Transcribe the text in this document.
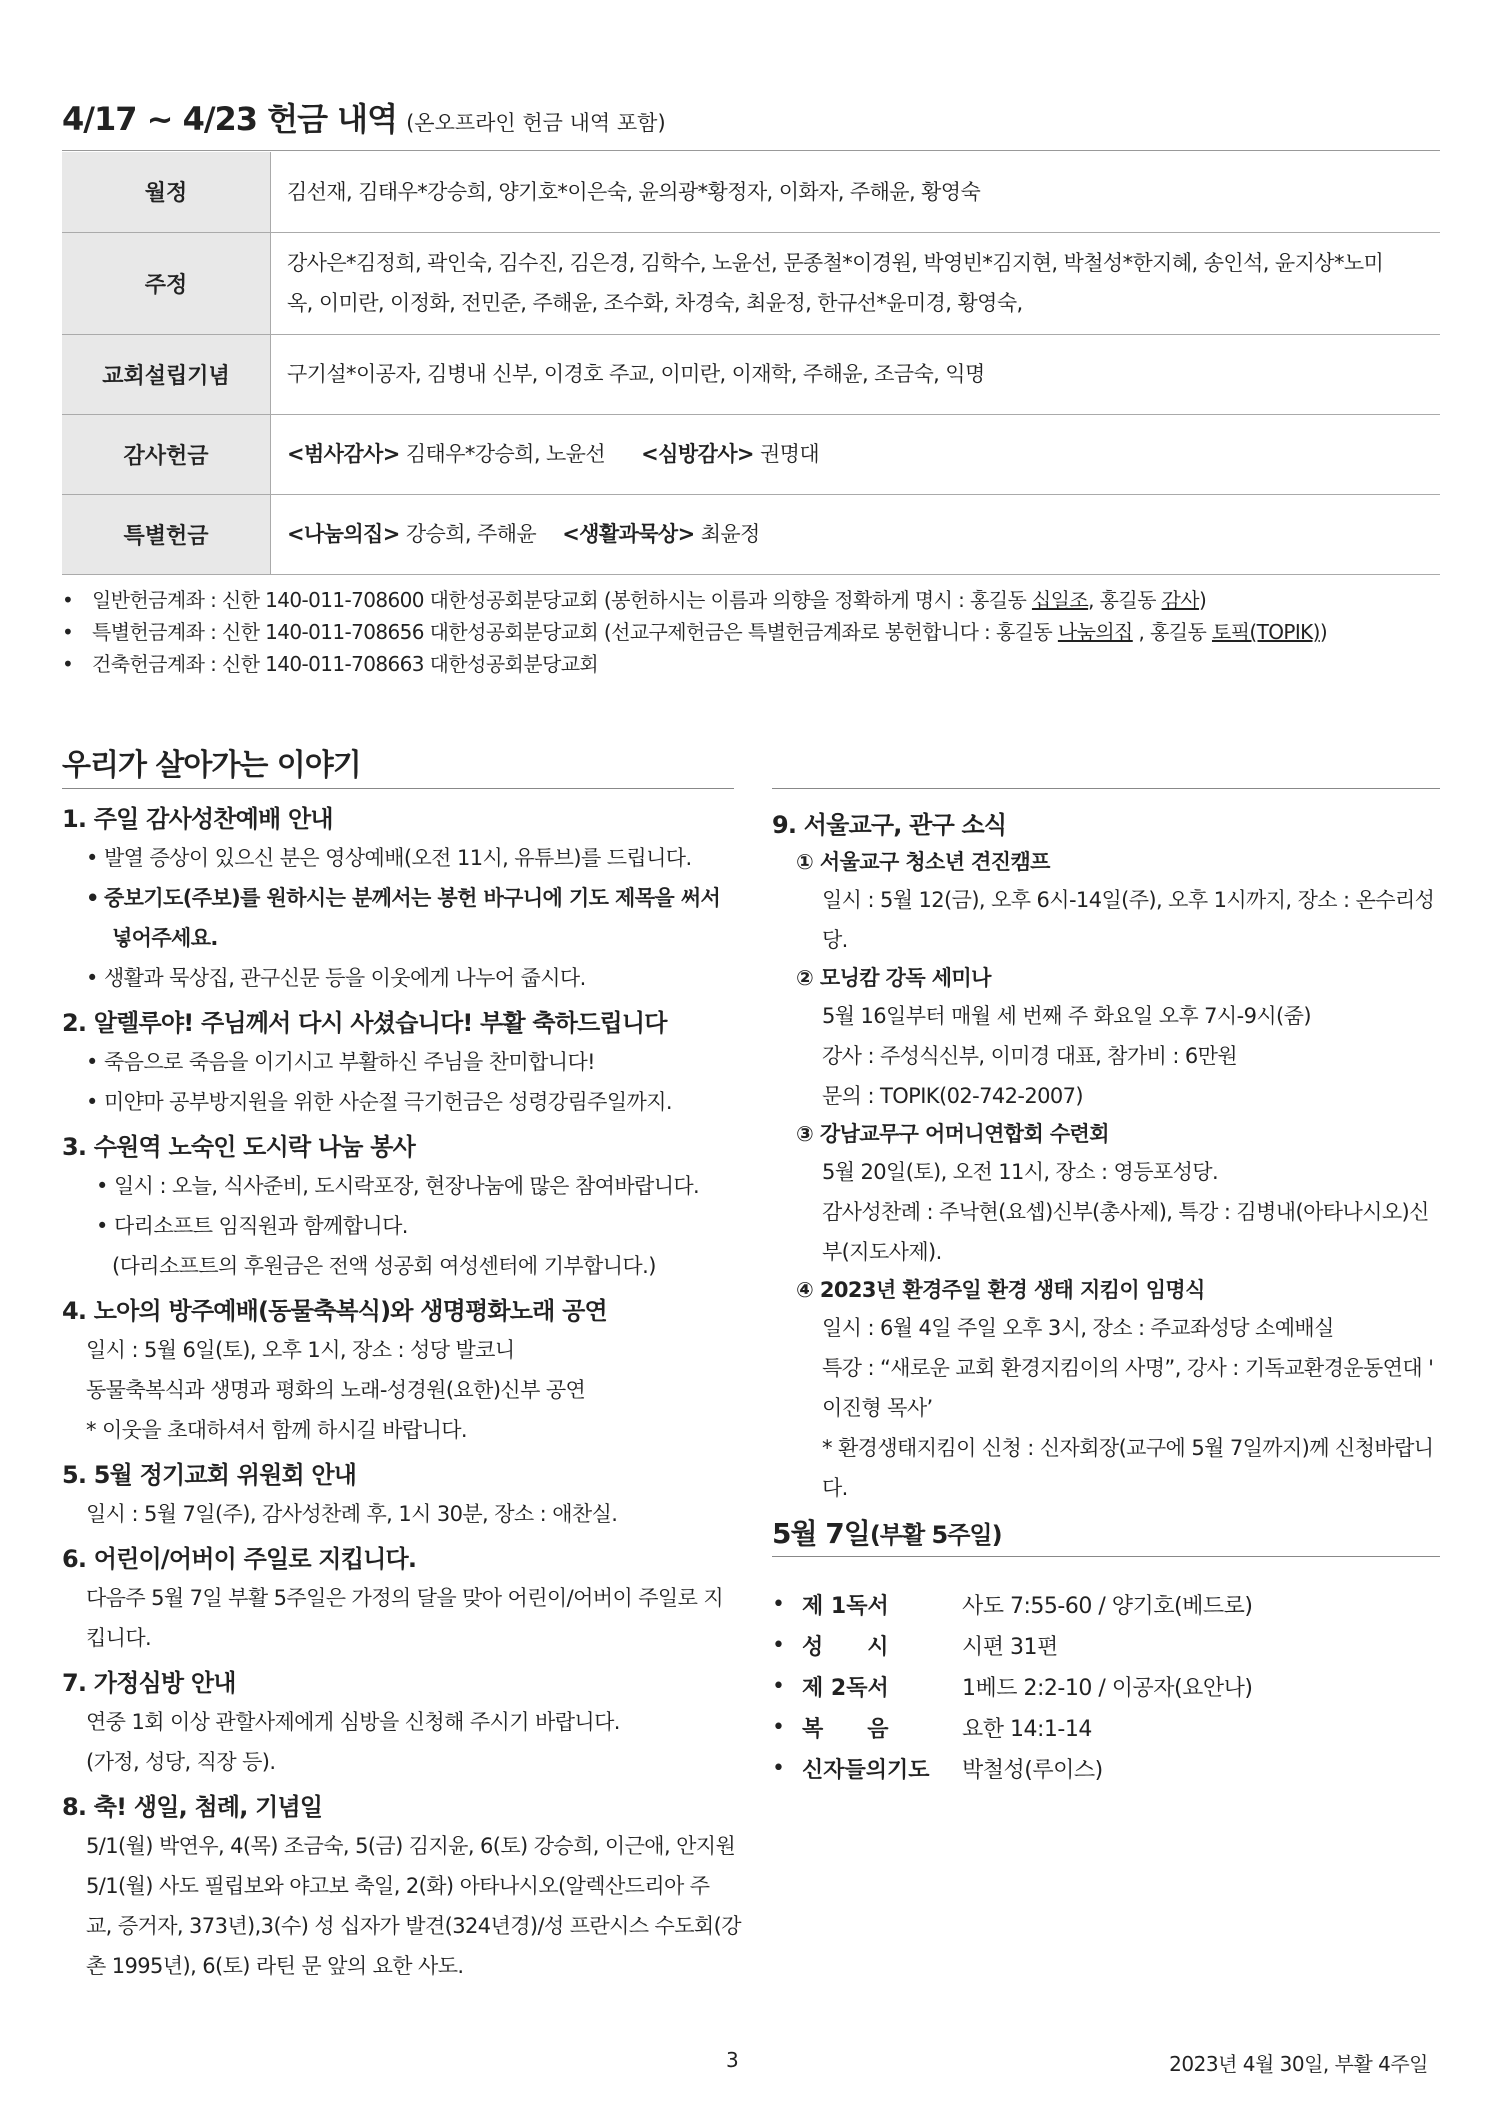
4/17 ~ 4/23 헌금 내역 (온오프라인 헌금 내역 포함)
월정	김선재, 김태우*강승희, 양기호*이은숙, 윤의광*황정자, 이화자, 주해윤, 황영숙

주정	강사은*김정희, 곽인숙, 김수진, 김은경, 김학수, 노윤선, 문종철*이경원, 박영빈*김지현, 박철성*한지혜, 송인석, 윤지상*노미
옥, 이미란, 이정화, 전민준, 주해윤, 조수화, 차경숙, 최윤정, 한규선*윤미경, 황영숙,

교회설립기념	구기설*이공자, 김병내 신부, 이경호 주교, 이미란, 이재학, 주해윤, 조금숙, 익명

감사헌금	<범사감사> 김태우*강승희, 노윤선 <심방감사> 권명대
특별헌금	<나눔의집> 강승희, 주해윤 <생활과묵상> 최윤정
• 일반헌금계좌 : 신한 140-011-708600 대한성공회분당교회 (봉헌하시는 이름과 의향을 정확하게 명시 : 홍길동 십일조, 홍길동 감사)
• 특별헌금계좌 : 신한 140-011-708656 대한성공회분당교회 (선교구제헌금은 특별헌금계좌로 봉헌합니다 : 홍길동 나눔의집 , 홍길동 토픽(TOPIK))
• 건축헌금계좌 : 신한 140-011-708663 대한성공회분당교회
우리가 살아가는 이야기
1. 주일 감사성찬예배 안내
• 발열 증상이 있으신 분은 영상예배(오전 11시, 유튜브)를 드립니다.
• 중보기도(주보)를 원하시는 분께서는 봉헌 바구니에 기도 제목을 써서
넣어주세요.
• 생활과 묵상집, 관구신문 등을 이웃에게 나누어 줍시다.
2. 알렐루야! 주님께서 다시 사셨습니다! 부활 축하드립니다
• 죽음으로 죽음을 이기시고 부활하신 주님을 찬미합니다!
• 미얀마 공부방지원을 위한 사순절 극기헌금은 성령강림주일까지.
3. 수원역 노숙인 도시락 나눔 봉사
• 일시 : 오늘, 식사준비, 도시락포장, 현장나눔에 많은 참여바랍니다.
• 다리소프트 임직원과 함께합니다.
(다리소프트의 후원금은 전액 성공회 여성센터에 기부합니다.)
4. 노아의 방주예배(동물축복식)와 생명평화노래 공연
일시 : 5월 6일(토), 오후 1시, 장소 : 성당 발코니
동물축복식과 생명과 평화의 노래-성경원(요한)신부 공연
* 이웃을 초대하셔서 함께 하시길 바랍니다.
5. 5월 정기교회 위원회 안내
일시 : 5월 7일(주), 감사성찬례 후, 1시 30분, 장소 : 애찬실.
6. 어린이/어버이 주일로 지킵니다.
다음주 5월 7일 부활 5주일은 가정의 달을 맞아 어린이/어버이 주일로 지
킵니다.
7. 가정심방 안내
연중 1회 이상 관할사제에게 심방을 신청해 주시기 바랍니다.
(가정, 성당, 직장 등).
8. 축! 생일, 첨례, 기념일
5/1(월) 박연우, 4(목) 조금숙, 5(금) 김지윤, 6(토) 강승희, 이근애, 안지원
5/1(월) 사도 필립보와 야고보 축일, 2(화) 아타나시오(알렉산드리아 주
교, 증거자, 373년),3(수) 성 십자가 발견(324년경)/성 프란시스 수도회(강
촌 1995년), 6(토) 라틴 문 앞의 요한 사도.
9. 서울교구, 관구 소식
① 서울교구 청소년 견진캠프
일시 : 5월 12(금), 오후 6시-14일(주), 오후 1시까지, 장소 : 온수리성당.
② 모닝캄 강독 세미나
5월 16일부터 매월 세 번째 주 화요일 오후 7시-9시(줌)
강사 : 주성식신부, 이미경 대표, 참가비 : 6만원
문의 : TOPIK(02-742-2007)
③ 강남교무구 어머니연합회 수련회
5월 20일(토), 오전 11시, 장소 : 영등포성당.
감사성찬례 : 주낙현(요셉)신부(총사제), 특강 : 김병내(아타나시오)신
부(지도사제).
④ 2023년 환경주일 환경 생태 지킴이 임명식
일시 : 6월 4일 주일 오후 3시, 장소 : 주교좌성당 소예배실
특강 : “새로운 교회 환경지킴이의 사명”, 강사 : 기독교환경운동연대 '
이진형 목사’
* 환경생태지킴이 신청 : 신자회장(교구에 5월 7일까지)께 신청바랍니다.
5월 7일(부활 5주일)
•	제 1독서	사도 7:55-60 / 양기호(베드로)
•	성　　시	시편 31편
•	제 2독서	1베드 2:2-10 / 이공자(요안나)
•	복　　음	요한 14:1-14
•	신자들의기도	박철성(루이스)
3	2023년 4월 30일, 부활 4주일
